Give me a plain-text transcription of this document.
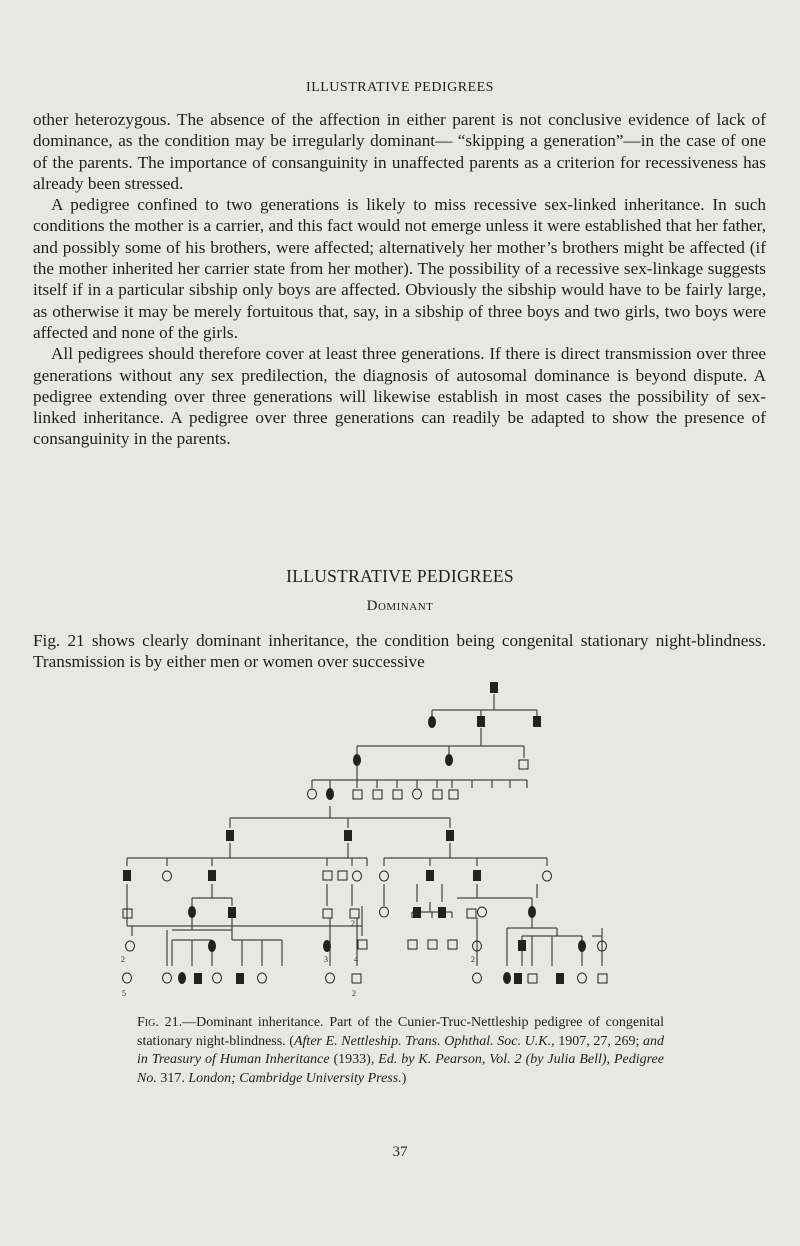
ILLUSTRATIVE PEDIGREES

other heterozygous. The absence of the affection in either parent is not conclusive evidence of lack of dominance, as the condition may be irregularly dominant— “skipping a generation”—in the case of one of the parents. The importance of consanguinity in unaffected parents as a criterion for recessiveness has already been stressed.

A pedigree confined to two generations is likely to miss recessive sex-linked inheritance. In such conditions the mother is a carrier, and this fact would not emerge unless it were established that her father, and possibly some of his brothers, were affected; alternatively her mother’s brothers might be affected (if the mother inherited her carrier state from her mother). The possibility of a recessive sex-linkage suggests itself if in a particular sibship only boys are affected. Obviously the sibship would have to be fairly large, as otherwise it may be merely fortuitous that, say, in a sibship of three boys and two girls, two boys were affected and none of the girls.

All pedigrees should therefore cover at least three generations. If there is direct transmission over three generations without any sex predilection, the diagnosis of autosomal dominance is beyond dispute. A pedigree extending over three generations will likewise establish in most cases the possibility of sex-linked inheritance. A pedigree over three generations can readily be adapted to show the presence of consanguinity in the parents.

ILLUSTRATIVE PEDIGREES
Dominant

Fig. 21 shows clearly dominant inheritance, the condition being congenital stationary night-blindness. Transmission is by either men or women over successive

2	2
3	4
2
5	2
Fig. 21.—Dominant inheritance. Part of the Cunier-Truc-Nettleship pedigree of congenital stationary night-blindness. (After E. Nettleship. Trans. Ophthal. Soc. U.K., 1907, 27, 269; and in Treasury of Human Inheritance (1933), Ed. by K. Pearson, Vol. 2 (by Julia Bell), Pedigree No. 317. London; Cambridge University Press.)
37
